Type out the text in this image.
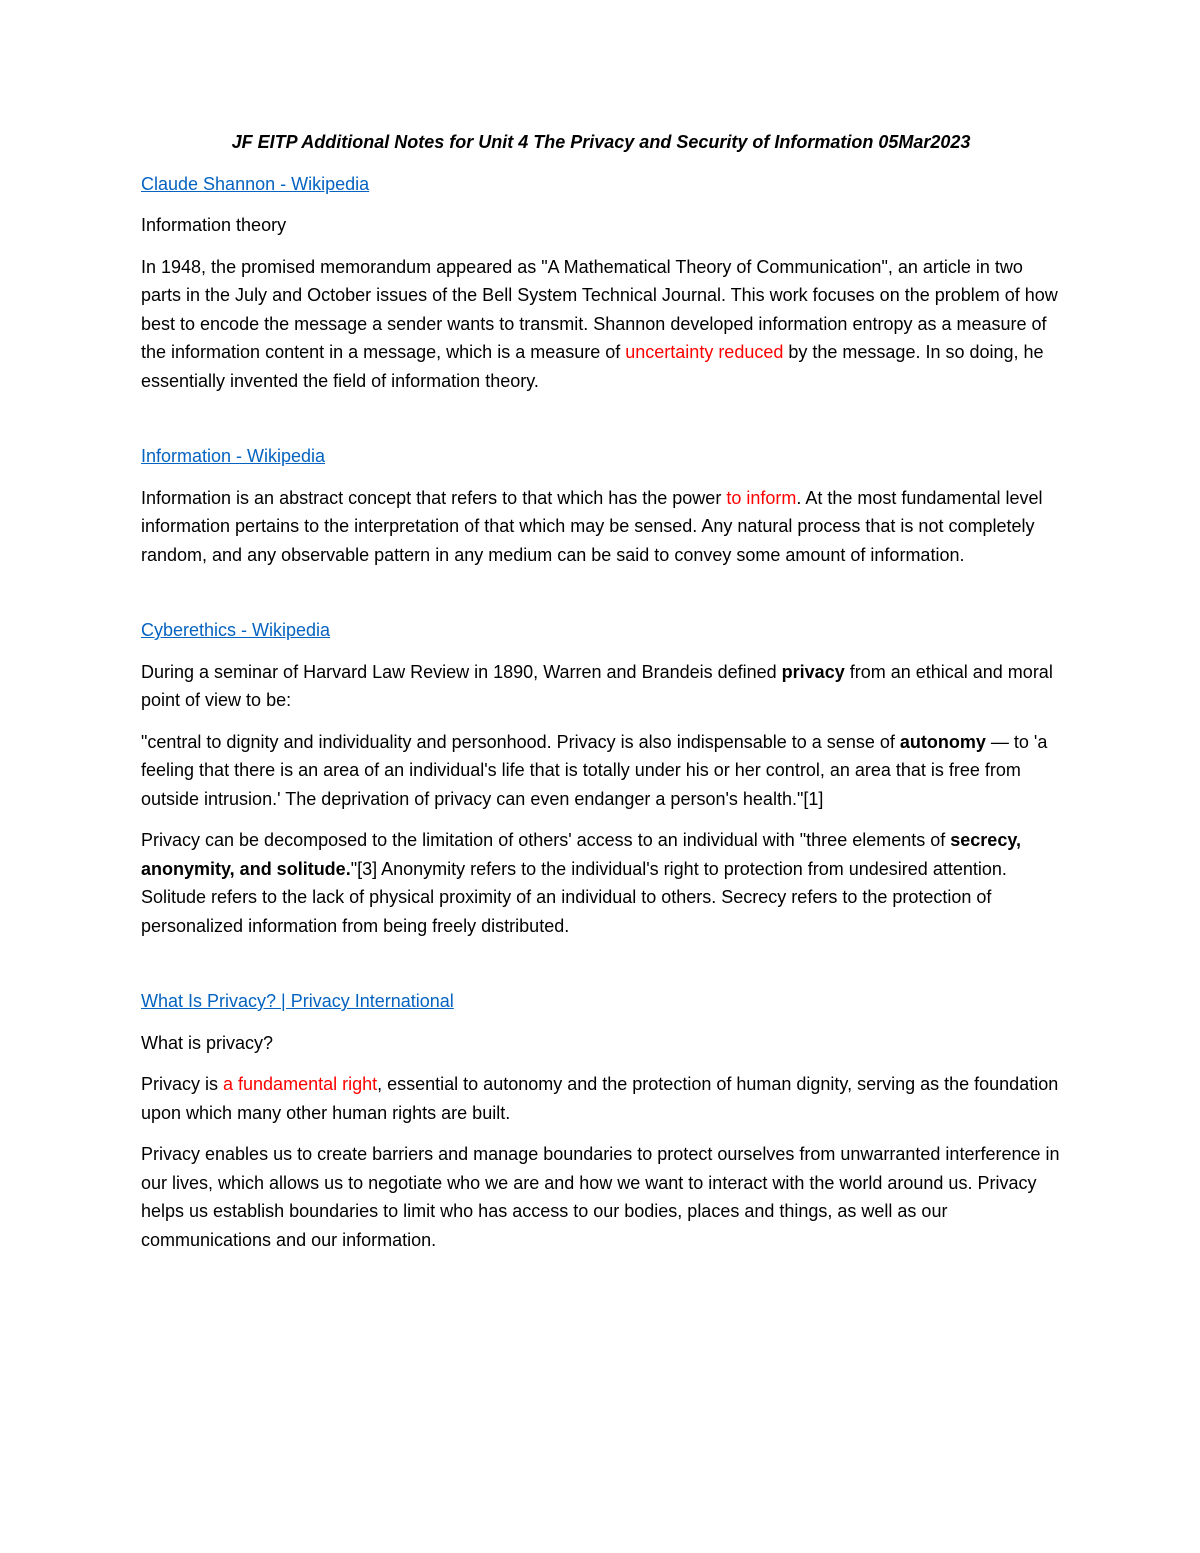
JF EITP Additional Notes for Unit 4 The Privacy and Security of Information 05Mar2023

Claude Shannon - Wikipedia

Information theory

In 1948, the promised memorandum appeared as "A Mathematical Theory of Communication", an article in two parts in the July and October issues of the Bell System Technical Journal. This work focuses on the problem of how best to encode the message a sender wants to transmit. Shannon developed information entropy as a measure of the information content in a message, which is a measure of uncertainty reduced by the message. In so doing, he essentially invented the field of information theory.

Information - Wikipedia

Information is an abstract concept that refers to that which has the power to inform. At the most fundamental level information pertains to the interpretation of that which may be sensed. Any natural process that is not completely random, and any observable pattern in any medium can be said to convey some amount of information.

Cyberethics - Wikipedia

During a seminar of Harvard Law Review in 1890, Warren and Brandeis defined privacy from an ethical and moral point of view to be:

"central to dignity and individuality and personhood. Privacy is also indispensable to a sense of autonomy — to 'a feeling that there is an area of an individual's life that is totally under his or her control, an area that is free from outside intrusion.' The deprivation of privacy can even endanger a person's health."[1]

Privacy can be decomposed to the limitation of others' access to an individual with "three elements of secrecy, anonymity, and solitude."[3] Anonymity refers to the individual's right to protection from undesired attention. Solitude refers to the lack of physical proximity of an individual to others. Secrecy refers to the protection of personalized information from being freely distributed.

What Is Privacy? | Privacy International

What is privacy?

Privacy is a fundamental right, essential to autonomy and the protection of human dignity, serving as the foundation upon which many other human rights are built.

Privacy enables us to create barriers and manage boundaries to protect ourselves from unwarranted interference in our lives, which allows us to negotiate who we are and how we want to interact with the world around us. Privacy helps us establish boundaries to limit who has access to our bodies, places and things, as well as our communications and our information.
